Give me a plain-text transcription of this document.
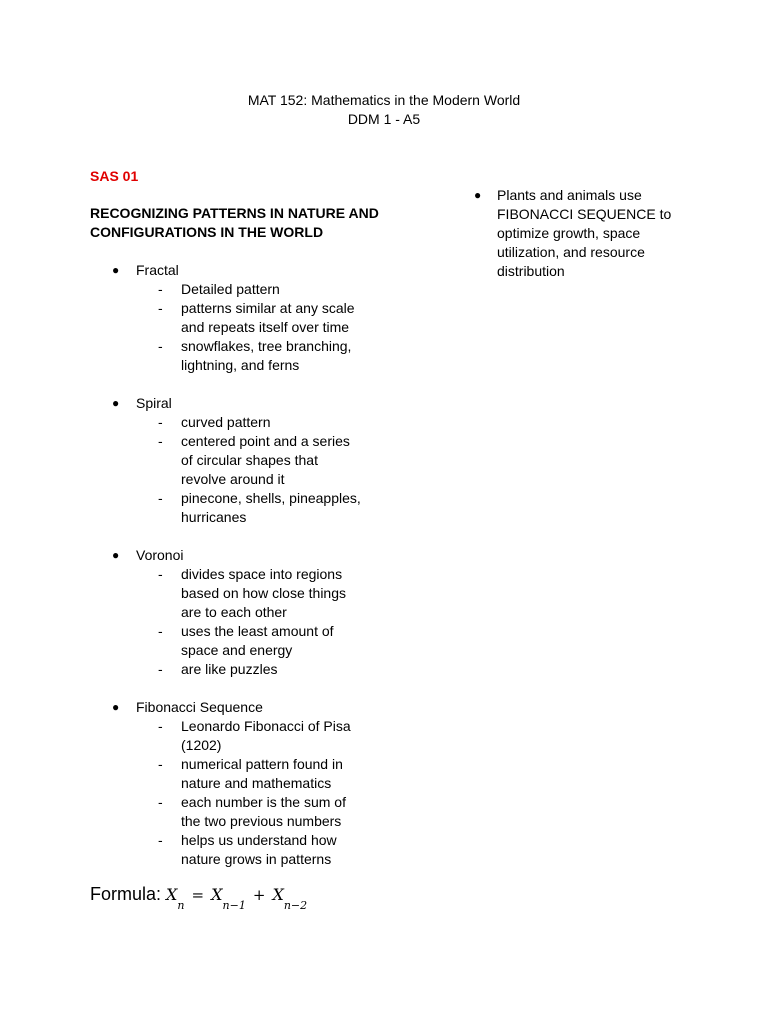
MAT 152: Mathematics in the Modern World
DDM 1 - A5
SAS 01
RECOGNIZING PATTERNS IN NATURE AND CONFIGURATIONS IN THE WORLD
● Fractal
- Detailed pattern
- patterns similar at any scale and repeats itself over time
- snowflakes, tree branching, lightning, and ferns
● Spiral
- curved pattern
- centered point and a series of circular shapes that revolve around it
- pinecone, shells, pineapples, hurricanes
● Voronoi
- divides space into regions based on how close things are to each other
- uses the least amount of space and energy
- are like puzzles
● Fibonacci Sequence
- Leonardo Fibonacci of Pisa (1202)
- numerical pattern found in nature and mathematics
- each number is the sum of the two previous numbers
- helps us understand how nature grows in patterns
Formula: $X_n = X_{n-1} + X_{n-2}$
● Plants and animals use FIBONACCI SEQUENCE to optimize growth, space utilization, and resource distribution
